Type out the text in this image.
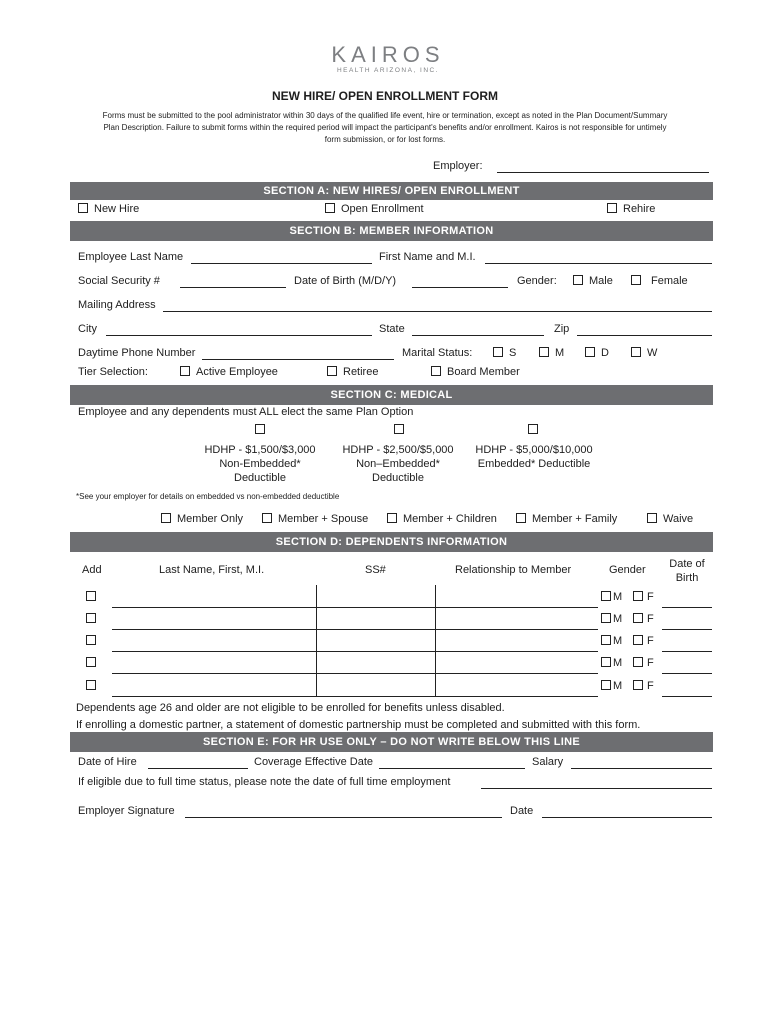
KAIROS
HEALTH ARIZONA, INC.
NEW HIRE/ OPEN ENROLLMENT FORM
Forms must be submitted to the pool administrator within 30 days of the qualified life event, hire or termination, except as noted in the Plan Document/Summary
Plan Description. Failure to submit forms within the required period will impact the participant's benefits and/or enrollment. Kairos is not responsible for untimely
form submission, or for lost forms.
Employer:
SECTION A: NEW HIRES/ OPEN ENROLLMENT
New Hire	Open Enrollment	Rehire
SECTION B: MEMBER INFORMATION
Employee Last Name	First Name and M.I.
Social Security #	Date of Birth (M/D/Y)	Gender:	Male	Female
Mailing Address
City	State	Zip
Daytime Phone Number	Marital Status:	S	M	D	W
Tier Selection:	Active Employee	Retiree	Board Member
SECTION C: MEDICAL
Employee and any dependents must ALL elect the same Plan Option
HDHP - $1,500/$3,000
Non-Embedded*
Deductible
HDHP - $2,500/$5,000
Non–Embedded*
Deductible
HDHP - $5,000/$10,000
Embedded* Deductible
*See your employer for details on embedded vs non-embedded deductible
Member Only	Member + Spouse	Member + Children	Member + Family	Waive
SECTION D: DEPENDENTS INFORMATION
Add	Last Name, First, M.I.	SS#	Relationship to Member	Gender	Date of
Birth
M F
M F
M F
M F
M F
Dependents age 26 and older are not eligible to be enrolled for benefits unless disabled.
If enrolling a domestic partner, a statement of domestic partnership must be completed and submitted with this form.
SECTION E: FOR HR USE ONLY – DO NOT WRITE BELOW THIS LINE
Date of Hire	Coverage Effective Date	Salary
If eligible due to full time status, please note the date of full time employment
Employer Signature	Date
